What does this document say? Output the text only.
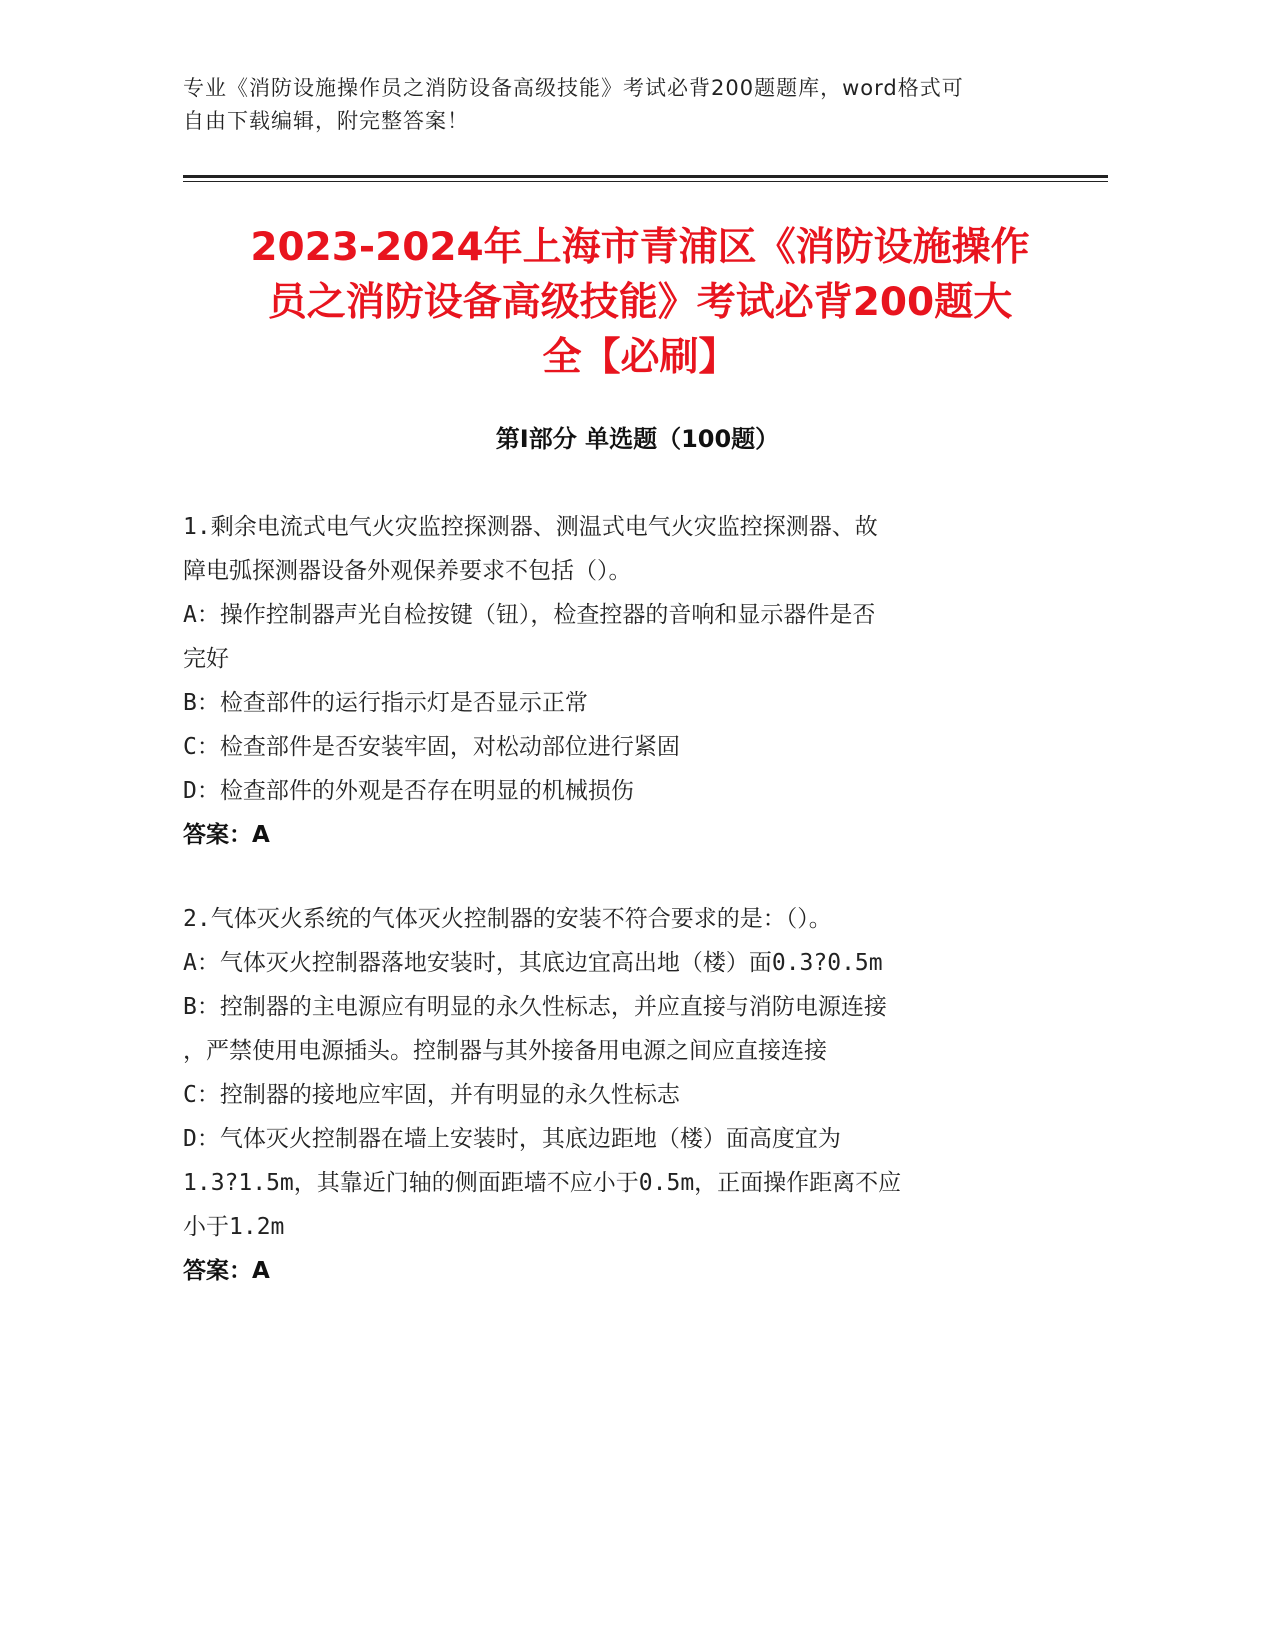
专业《消防设施操作员之消防设备高级技能》考试必背200题题库，word格式可
自由下载编辑，附完整答案！
2023-2024年上海市青浦区《消防设施操作
员之消防设备高级技能》考试必背200题大
全【必刷】
第I部分 单选题（100题）
1.剩余电流式电气火灾监控探测器、测温式电气火灾监控探测器、故
障电弧探测器设备外观保养要求不包括（）。
A：操作控制器声光自检按键（钮），检查控器的音响和显示器件是否
完好
B：检查部件的运行指示灯是否显示正常
C：检查部件是否安装牢固，对松动部位进行紧固
D：检查部件的外观是否存在明显的机械损伤
答案：A
2.气体灭火系统的气体灭火控制器的安装不符合要求的是：（）。
A：气体灭火控制器落地安装时，其底边宜高出地（楼）面0.3?0.5m
B：控制器的主电源应有明显的永久性标志，并应直接与消防电源连接
，严禁使用电源插头。控制器与其外接备用电源之间应直接连接
C：控制器的接地应牢固，并有明显的永久性标志
D：气体灭火控制器在墙上安装时，其底边距地（楼）面高度宜为
1.3?1.5m，其靠近门轴的侧面距墙不应小于0.5m，正面操作距离不应
小于1.2m
答案：A
